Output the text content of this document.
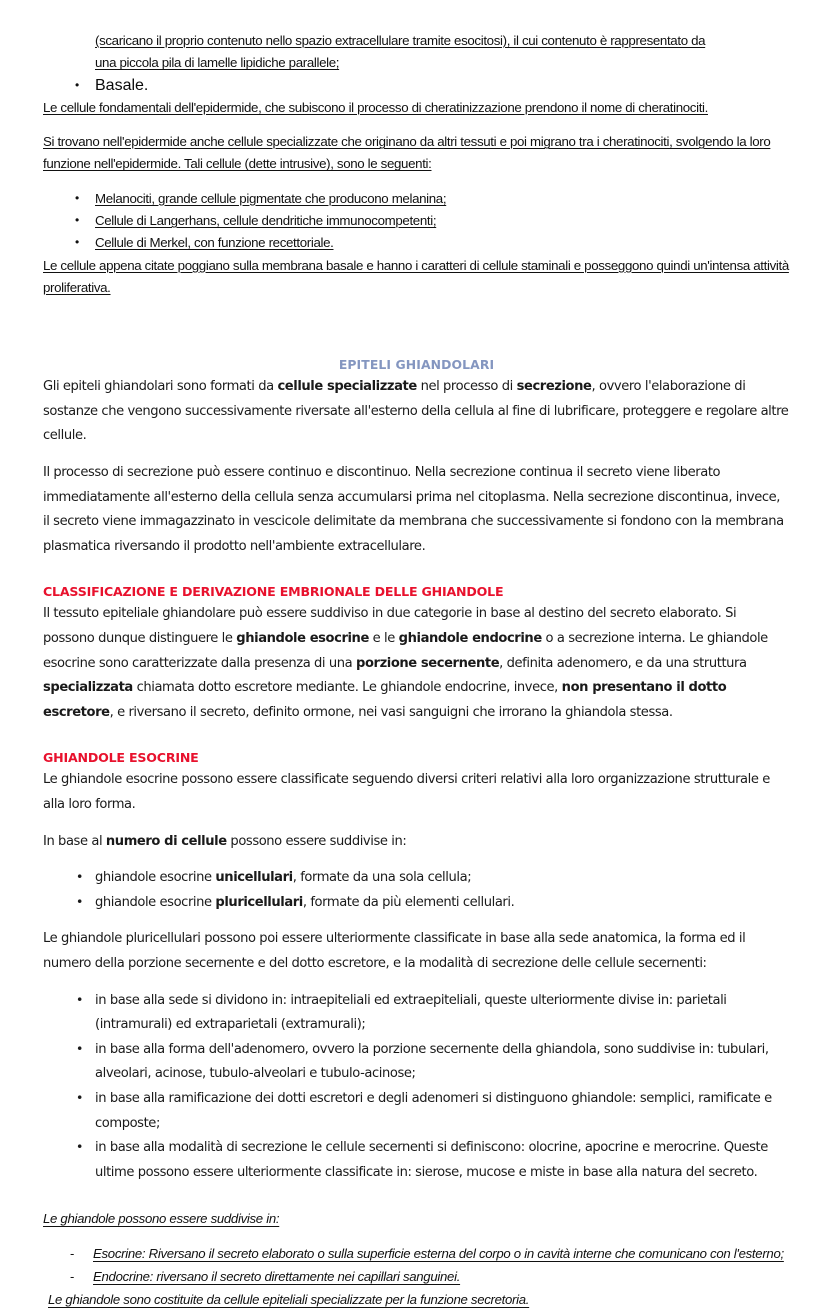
(scaricano il proprio contenuto nello spazio extracellulare tramite esocitosi), il cui contenuto è rappresentato da
una piccola pila di lamelle lipidiche parallele;
• Basale.
Le cellule fondamentali dell'epidermide, che subiscono il processo di cheratinizzazione prendono il nome di cheratinociti.
Si trovano nell'epidermide anche cellule specializzate che originano da altri tessuti e poi migrano tra i cheratinociti, svolgendo la loro funzione nell'epidermide. Tali cellule (dette intrusive), sono le seguenti:
• Melanociti, grande cellule pigmentate che producono melanina;
• Cellule di Langerhans, cellule dendritiche immunocompetenti;
• Cellule di Merkel, con funzione recettoriale.
Le cellule appena citate poggiano sulla membrana basale e hanno i caratteri di cellule staminali e posseggono quindi un'intensa attività proliferativa.
EPITELI GHIANDOLARI

Gli epiteli ghiandolari sono formati da cellule specializzate nel processo di secrezione, ovvero l'elaborazione di sostanze che vengono successivamente riversate all'esterno della cellula al fine di lubrificare, proteggere e regolare altre cellule.

Il processo di secrezione può essere continuo e discontinuo. Nella secrezione continua il secreto viene liberato immediatamente all'esterno della cellula senza accumularsi prima nel citoplasma. Nella secrezione discontinua, invece, il secreto viene immagazzinato in vescicole delimitate da membrana che successivamente si fondono con la membrana plasmatica riversando il prodotto nell'ambiente extracellulare.

CLASSIFICAZIONE E DERIVAZIONE EMBRIONALE DELLE GHIANDOLE

Il tessuto epiteliale ghiandolare può essere suddiviso in due categorie in base al destino del secreto elaborato. Si possono dunque distinguere le ghiandole esocrine e le ghiandole endocrine o a secrezione interna. Le ghiandole esocrine sono caratterizzate dalla presenza di una porzione secernente, definita adenomero, e da una struttura specializzata chiamata dotto escretore mediante. Le ghiandole endocrine, invece, non presentano il dotto escretore, e riversano il secreto, definito ormone, nei vasi sanguigni che irrorano la ghiandola stessa.

GHIANDOLE ESOCRINE

Le ghiandole esocrine possono essere classificate seguendo diversi criteri relativi alla loro organizzazione strutturale e alla loro forma.

In base al numero di cellule possono essere suddivise in:

• ghiandole esocrine unicellulari, formate da una sola cellula;
• ghiandole esocrine pluricellulari, formate da più elementi cellulari.

Le ghiandole pluricellulari possono poi essere ulteriormente classificate in base alla sede anatomica, la forma ed il numero della porzione secernente e del dotto escretore, e la modalità di secrezione delle cellule secernenti:

• in base alla sede si dividono in: intraepiteliali ed extraepiteliali, queste ulteriormente divise in: parietali (intramurali) ed extraparietali (extramurali);
• in base alla forma dell'adenomero, ovvero la porzione secernente della ghiandola, sono suddivise in: tubulari, alveolari, acinose, tubulo-alveolari e tubulo-acinose;
• in base alla ramificazione dei dotti escretori e degli adenomeri si distinguono ghiandole: semplici, ramificate e composte;
• in base alla modalità di secrezione le cellule secernenti si definiscono: olocrine, apocrine e merocrine. Queste ultime possono essere ulteriormente classificate in: sierose, mucose e miste in base alla natura del secreto.
Le ghiandole possono essere suddivise in:
- Esocrine: Riversano il secreto elaborato o sulla superficie esterna del corpo o in cavità interne che comunicano con l'esterno;
- Endocrine: riversano il secreto direttamente nei capillari sanguinei.
Le ghiandole sono costituite da cellule epiteliali specializzate per la funzione secretoria.
